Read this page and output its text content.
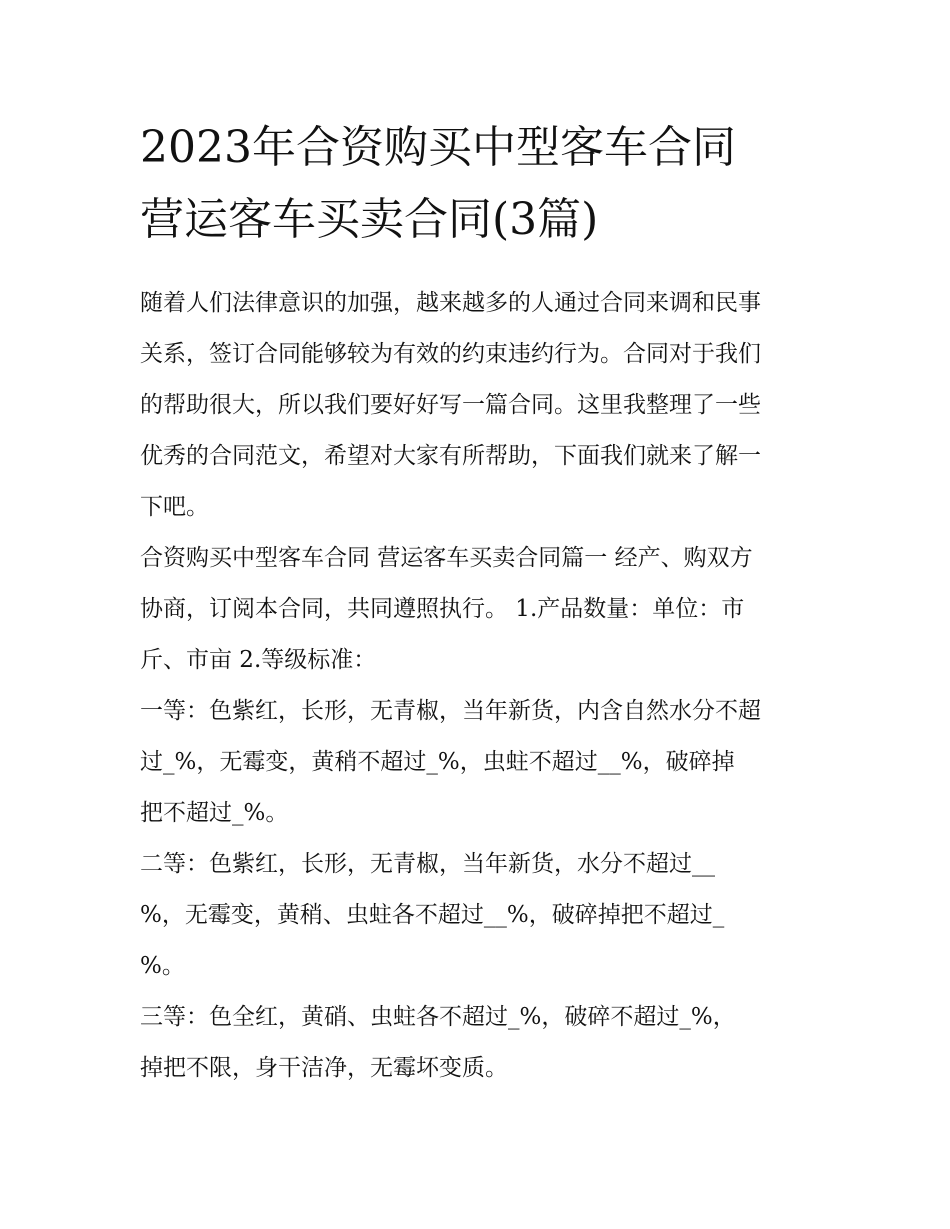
2023年合资购买中型客车合同
营运客车买卖合同(3篇)
随着人们法律意识的加强，越来越多的人通过合同来调和民事
关系，签订合同能够较为有效的约束违约行为。合同对于我们
的帮助很大，所以我们要好好写一篇合同。这里我整理了一些
优秀的合同范文，希望对大家有所帮助，下面我们就来了解一
下吧。
合资购买中型客车合同 营运客车买卖合同篇一 经产、购双方
协商，订阅本合同，共同遵照执行。 1.产品数量：单位：市
斤、市亩 2.等级标准：
一等：色紫红，长形，无青椒，当年新货，内含自然水分不超
过_%，无霉变，黄稍不超过_%，虫蛀不超过__%，破碎掉
把不超过_%。
二等：色紫红，长形，无青椒，当年新货，水分不超过__
%，无霉变，黄稍、虫蛀各不超过__%，破碎掉把不超过_
%。
三等：色全红，黄硝、虫蛀各不超过_%，破碎不超过_%，
掉把不限，身干洁净，无霉坏变质。
